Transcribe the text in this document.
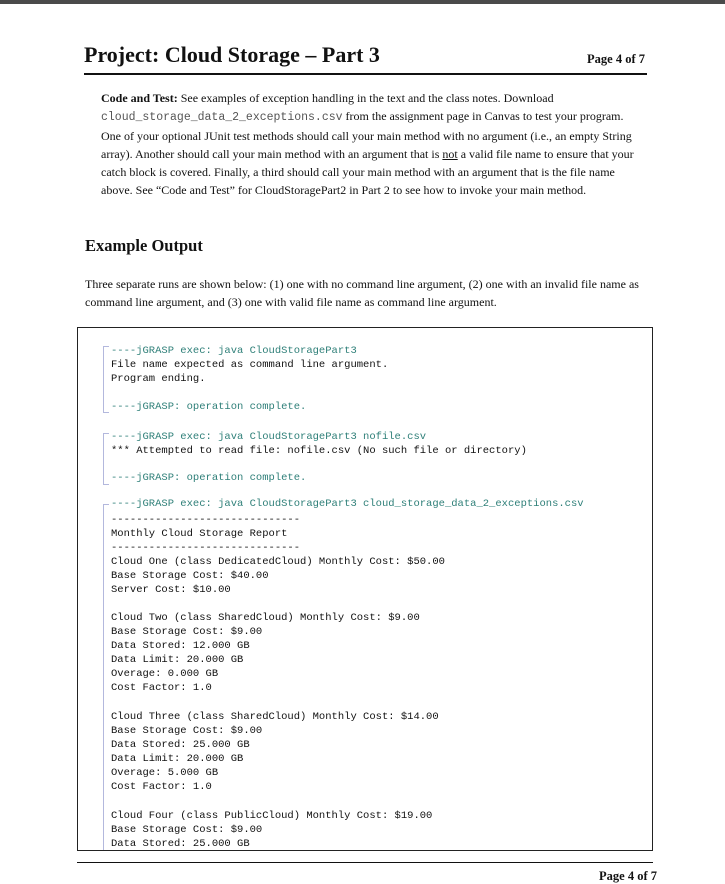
Project: Cloud Storage – Part 3	Page 4 of 7
Code and Test: See examples of exception handling in the text and the class notes. Download cloud_storage_data_2_exceptions.csv from the assignment page in Canvas to test your program. One of your optional JUnit test methods should call your main method with no argument (i.e., an empty String array). Another should call your main method with an argument that is not a valid file name to ensure that your catch block is covered. Finally, a third should call your main method with an argument that is the file name above. See “Code and Test” for CloudStoragePart2 in Part 2 to see how to invoke your main method.
Example Output
Three separate runs are shown below: (1) one with no command line argument, (2) one with an invalid file name as command line argument, and (3) one with valid file name as command line argument.
----jGRASP exec: java CloudStoragePart3
File name expected as command line argument.
Program ending.
----jGRASP: operation complete.
----jGRASP exec: java CloudStoragePart3 nofile.csv
*** Attempted to read file: nofile.csv (No such file or directory)
----jGRASP: operation complete.
----jGRASP exec: java CloudStoragePart3 cloud_storage_data_2_exceptions.csv
------------------------------
Monthly Cloud Storage Report
------------------------------
Cloud One (class DedicatedCloud) Monthly Cost: $50.00
Base Storage Cost: $40.00
Server Cost: $10.00
Cloud Two (class SharedCloud) Monthly Cost: $9.00
Base Storage Cost: $9.00
Data Stored: 12.000 GB
Data Limit: 20.000 GB
Overage: 0.000 GB
Cost Factor: 1.0
Cloud Three (class SharedCloud) Monthly Cost: $14.00
Base Storage Cost: $9.00
Data Stored: 25.000 GB
Data Limit: 20.000 GB
Overage: 5.000 GB
Cost Factor: 1.0
Cloud Four (class PublicCloud) Monthly Cost: $19.00
Base Storage Cost: $9.00
Data Stored: 25.000 GB
Page 4 of 7
